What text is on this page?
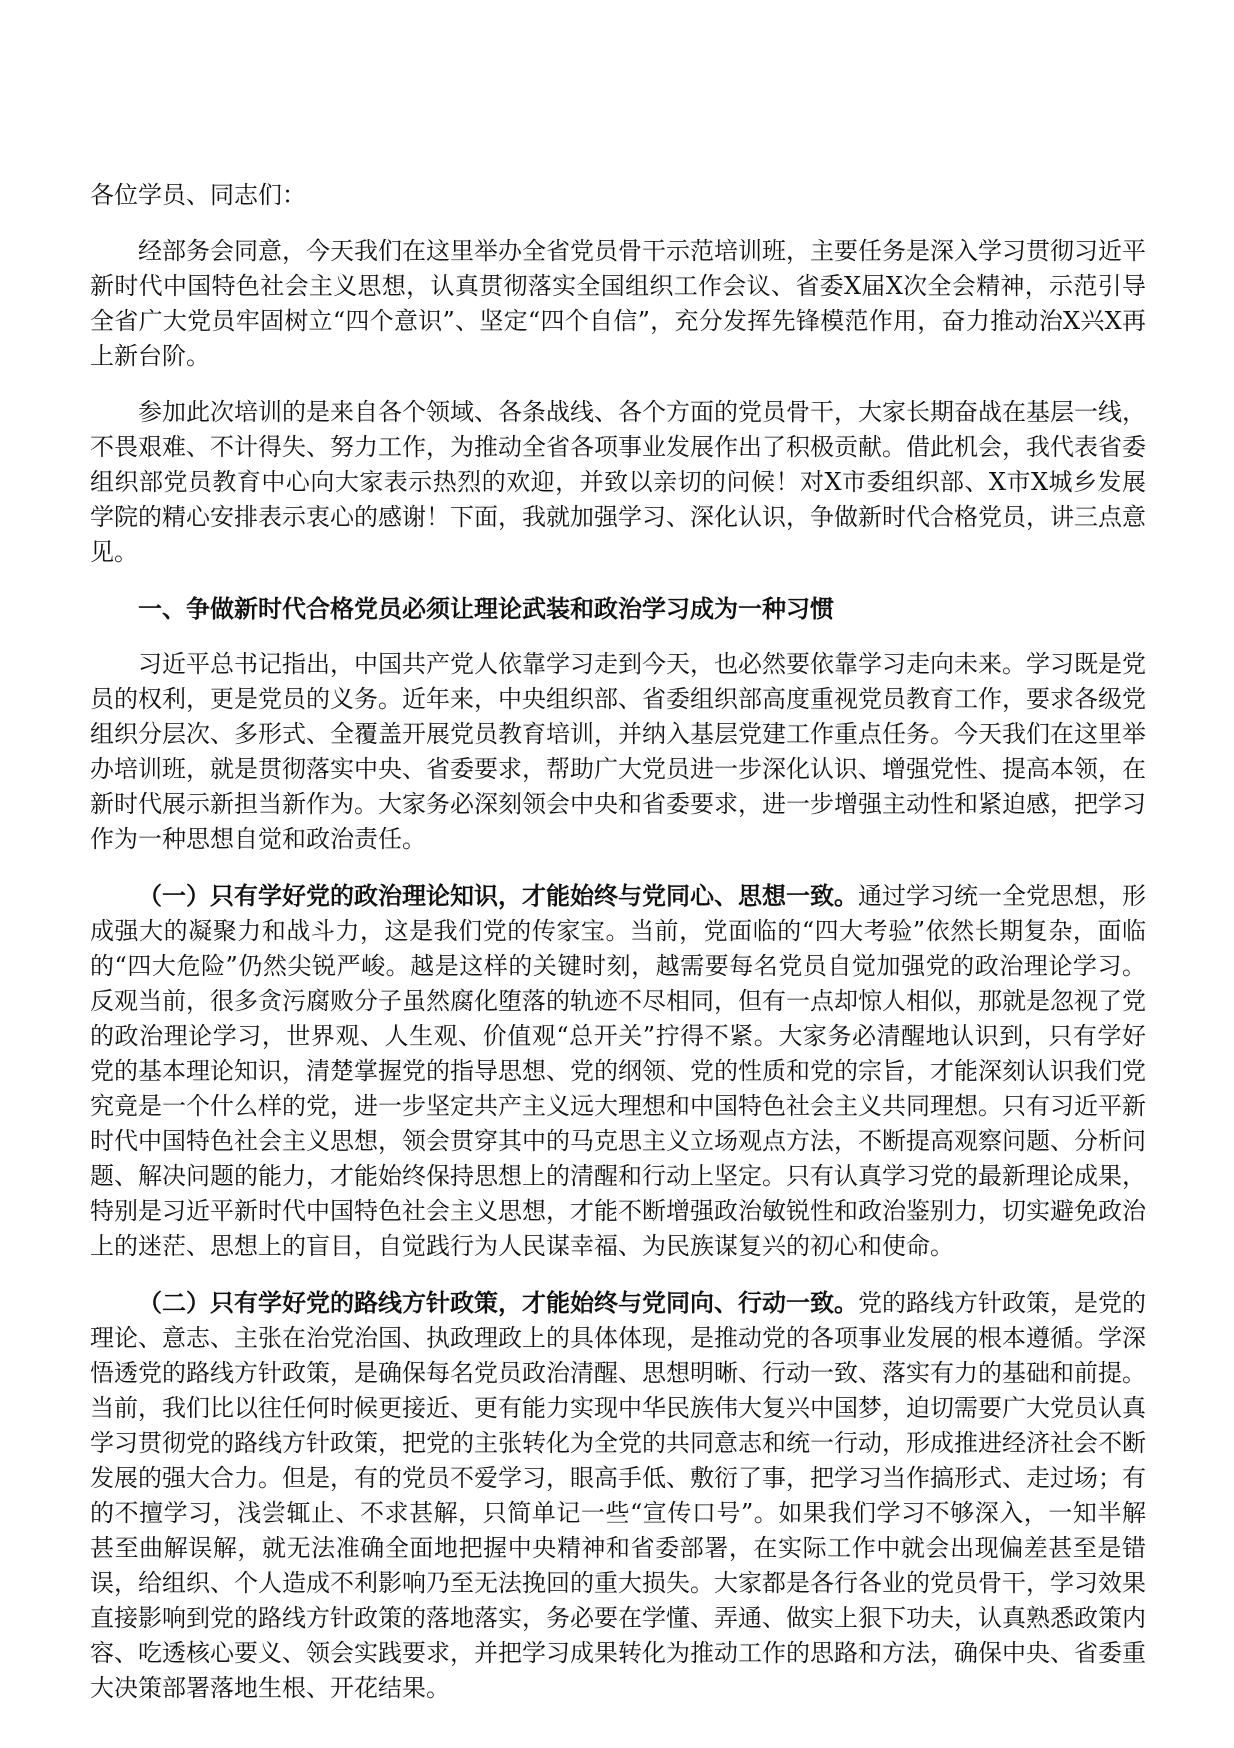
各位学员、同志们：

经部务会同意，今天我们在这里举办全省党员骨干示范培训班，主要任务是深入学习贯彻习近平新时代中国特色社会主义思想，认真贯彻落实全国组织工作会议、省委X届X次全会精神，示范引导全省广大党员牢固树立“四个意识”、坚定“四个自信”，充分发挥先锋模范作用，奋力推动治X兴X再上新台阶。

参加此次培训的是来自各个领域、各条战线、各个方面的党员骨干，大家长期奋战在基层一线，不畏艰难、不计得失、努力工作，为推动全省各项事业发展作出了积极贡献。借此机会，我代表省委组织部党员教育中心向大家表示热烈的欢迎，并致以亲切的问候！对X市委组织部、X市X城乡发展学院的精心安排表示衷心的感谢！下面，我就加强学习、深化认识，争做新时代合格党员，讲三点意见。

一、争做新时代合格党员必须让理论武装和政治学习成为一种习惯

习近平总书记指出，中国共产党人依靠学习走到今天，也必然要依靠学习走向未来。学习既是党员的权利，更是党员的义务。近年来，中央组织部、省委组织部高度重视党员教育工作，要求各级党组织分层次、多形式、全覆盖开展党员教育培训，并纳入基层党建工作重点任务。今天我们在这里举办培训班，就是贯彻落实中央、省委要求，帮助广大党员进一步深化认识、增强党性、提高本领，在新时代展示新担当新作为。大家务必深刻领会中央和省委要求，进一步增强主动性和紧迫感，把学习作为一种思想自觉和政治责任。

（一）只有学好党的政治理论知识，才能始终与党同心、思想一致。通过学习统一全党思想，形成强大的凝聚力和战斗力，这是我们党的传家宝。当前，党面临的“四大考验”依然长期复杂，面临的“四大危险”仍然尖锐严峻。越是这样的关键时刻，越需要每名党员自觉加强党的政治理论学习。反观当前，很多贪污腐败分子虽然腐化堕落的轨迹不尽相同，但有一点却惊人相似，那就是忽视了党的政治理论学习，世界观、人生观、价值观“总开关”拧得不紧。大家务必清醒地认识到，只有学好党的基本理论知识，清楚掌握党的指导思想、党的纲领、党的性质和党的宗旨，才能深刻认识我们党究竟是一个什么样的党，进一步坚定共产主义远大理想和中国特色社会主义共同理想。只有习近平新时代中国特色社会主义思想，领会贯穿其中的马克思主义立场观点方法，不断提高观察问题、分析问题、解决问题的能力，才能始终保持思想上的清醒和行动上坚定。只有认真学习党的最新理论成果，特别是习近平新时代中国特色社会主义思想，才能不断增强政治敏锐性和政治鉴别力，切实避免政治上的迷茫、思想上的盲目，自觉践行为人民谋幸福、为民族谋复兴的初心和使命。

（二）只有学好党的路线方针政策，才能始终与党同向、行动一致。党的路线方针政策，是党的理论、意志、主张在治党治国、执政理政上的具体体现，是推动党的各项事业发展的根本遵循。学深悟透党的路线方针政策，是确保每名党员政治清醒、思想明晰、行动一致、落实有力的基础和前提。当前，我们比以往任何时候更接近、更有能力实现中华民族伟大复兴中国梦，迫切需要广大党员认真学习贯彻党的路线方针政策，把党的主张转化为全党的共同意志和统一行动，形成推进经济社会不断发展的强大合力。但是，有的党员不爱学习，眼高手低、敷衍了事，把学习当作搞形式、走过场；有的不擅学习，浅尝辄止、不求甚解，只简单记一些“宣传口号”。如果我们学习不够深入，一知半解甚至曲解误解，就无法准确全面地把握中央精神和省委部署，在实际工作中就会出现偏差甚至是错误，给组织、个人造成不利影响乃至无法挽回的重大损失。大家都是各行各业的党员骨干，学习效果直接影响到党的路线方针政策的落地落实，务必要在学懂、弄通、做实上狠下功夫，认真熟悉政策内容、吃透核心要义、领会实践要求，并把学习成果转化为推动工作的思路和方法，确保中央、省委重大决策部署落地生根、开花结果。
